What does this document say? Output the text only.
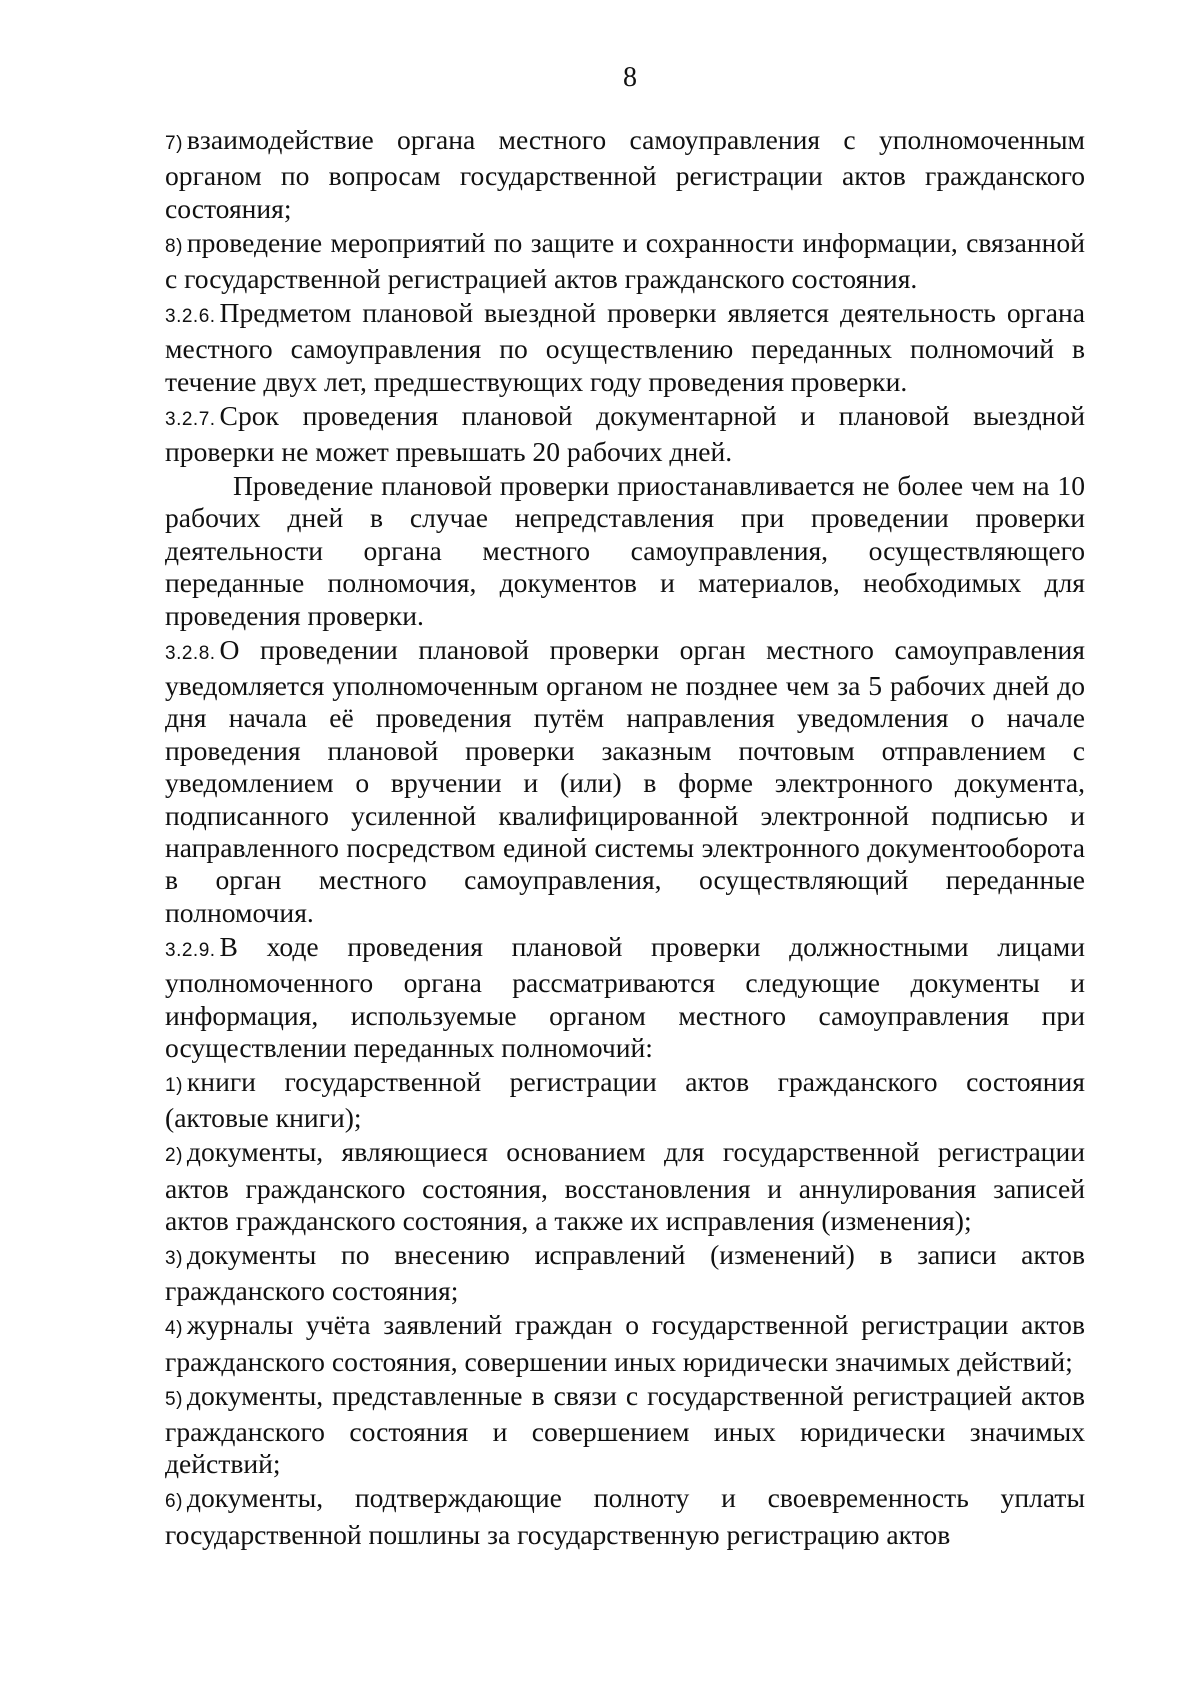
8

7) взаимодействие органа местного самоуправления с уполномоченным органом по вопросам государственной регистрации актов гражданского состояния;

8) проведение мероприятий по защите и сохранности информации, связанной с государственной регистрацией актов гражданского состояния.

3.2.6. Предметом плановой выездной проверки является деятельность органа местного самоуправления по осуществлению переданных полномочий в течение двух лет, предшествующих году проведения проверки.

3.2.7. Срок проведения плановой документарной и плановой выездной проверки не может превышать 20 рабочих дней.

Проведение плановой проверки приостанавливается не более чем на 10 рабочих дней в случае непредставления при проведении проверки деятельности органа местного самоуправления, осуществляющего переданные полномочия, документов и материалов, необходимых для проведения проверки.

3.2.8. О проведении плановой проверки орган местного самоуправления уведомляется уполномоченным органом не позднее чем за 5 рабочих дней до дня начала её проведения путём направления уведомления о начале проведения плановой проверки заказным почтовым отправлением с уведомлением о вручении и (или) в форме электронного документа, подписанного усиленной квалифицированной электронной подписью и направленного посредством единой системы электронного документооборота в орган местного самоуправления, осуществляющий переданные полномочия.

3.2.9. В ходе проведения плановой проверки должностными лицами уполномоченного органа рассматриваются следующие документы и информация, используемые органом местного самоуправления при осуществлении переданных полномочий:

1) книги государственной регистрации актов гражданского состояния (актовые книги);

2) документы, являющиеся основанием для государственной регистрации актов гражданского состояния, восстановления и аннулирования записей актов гражданского состояния, а также их исправления (изменения);

3) документы по внесению исправлений (изменений) в записи актов гражданского состояния;

4) журналы учёта заявлений граждан о государственной регистрации актов гражданского состояния, совершении иных юридически значимых действий;

5) документы, представленные в связи с государственной регистрацией актов гражданского состояния и совершением иных юридически значимых действий;

6) документы, подтверждающие полноту и своевременность уплаты государственной пошлины за государственную регистрацию актов
